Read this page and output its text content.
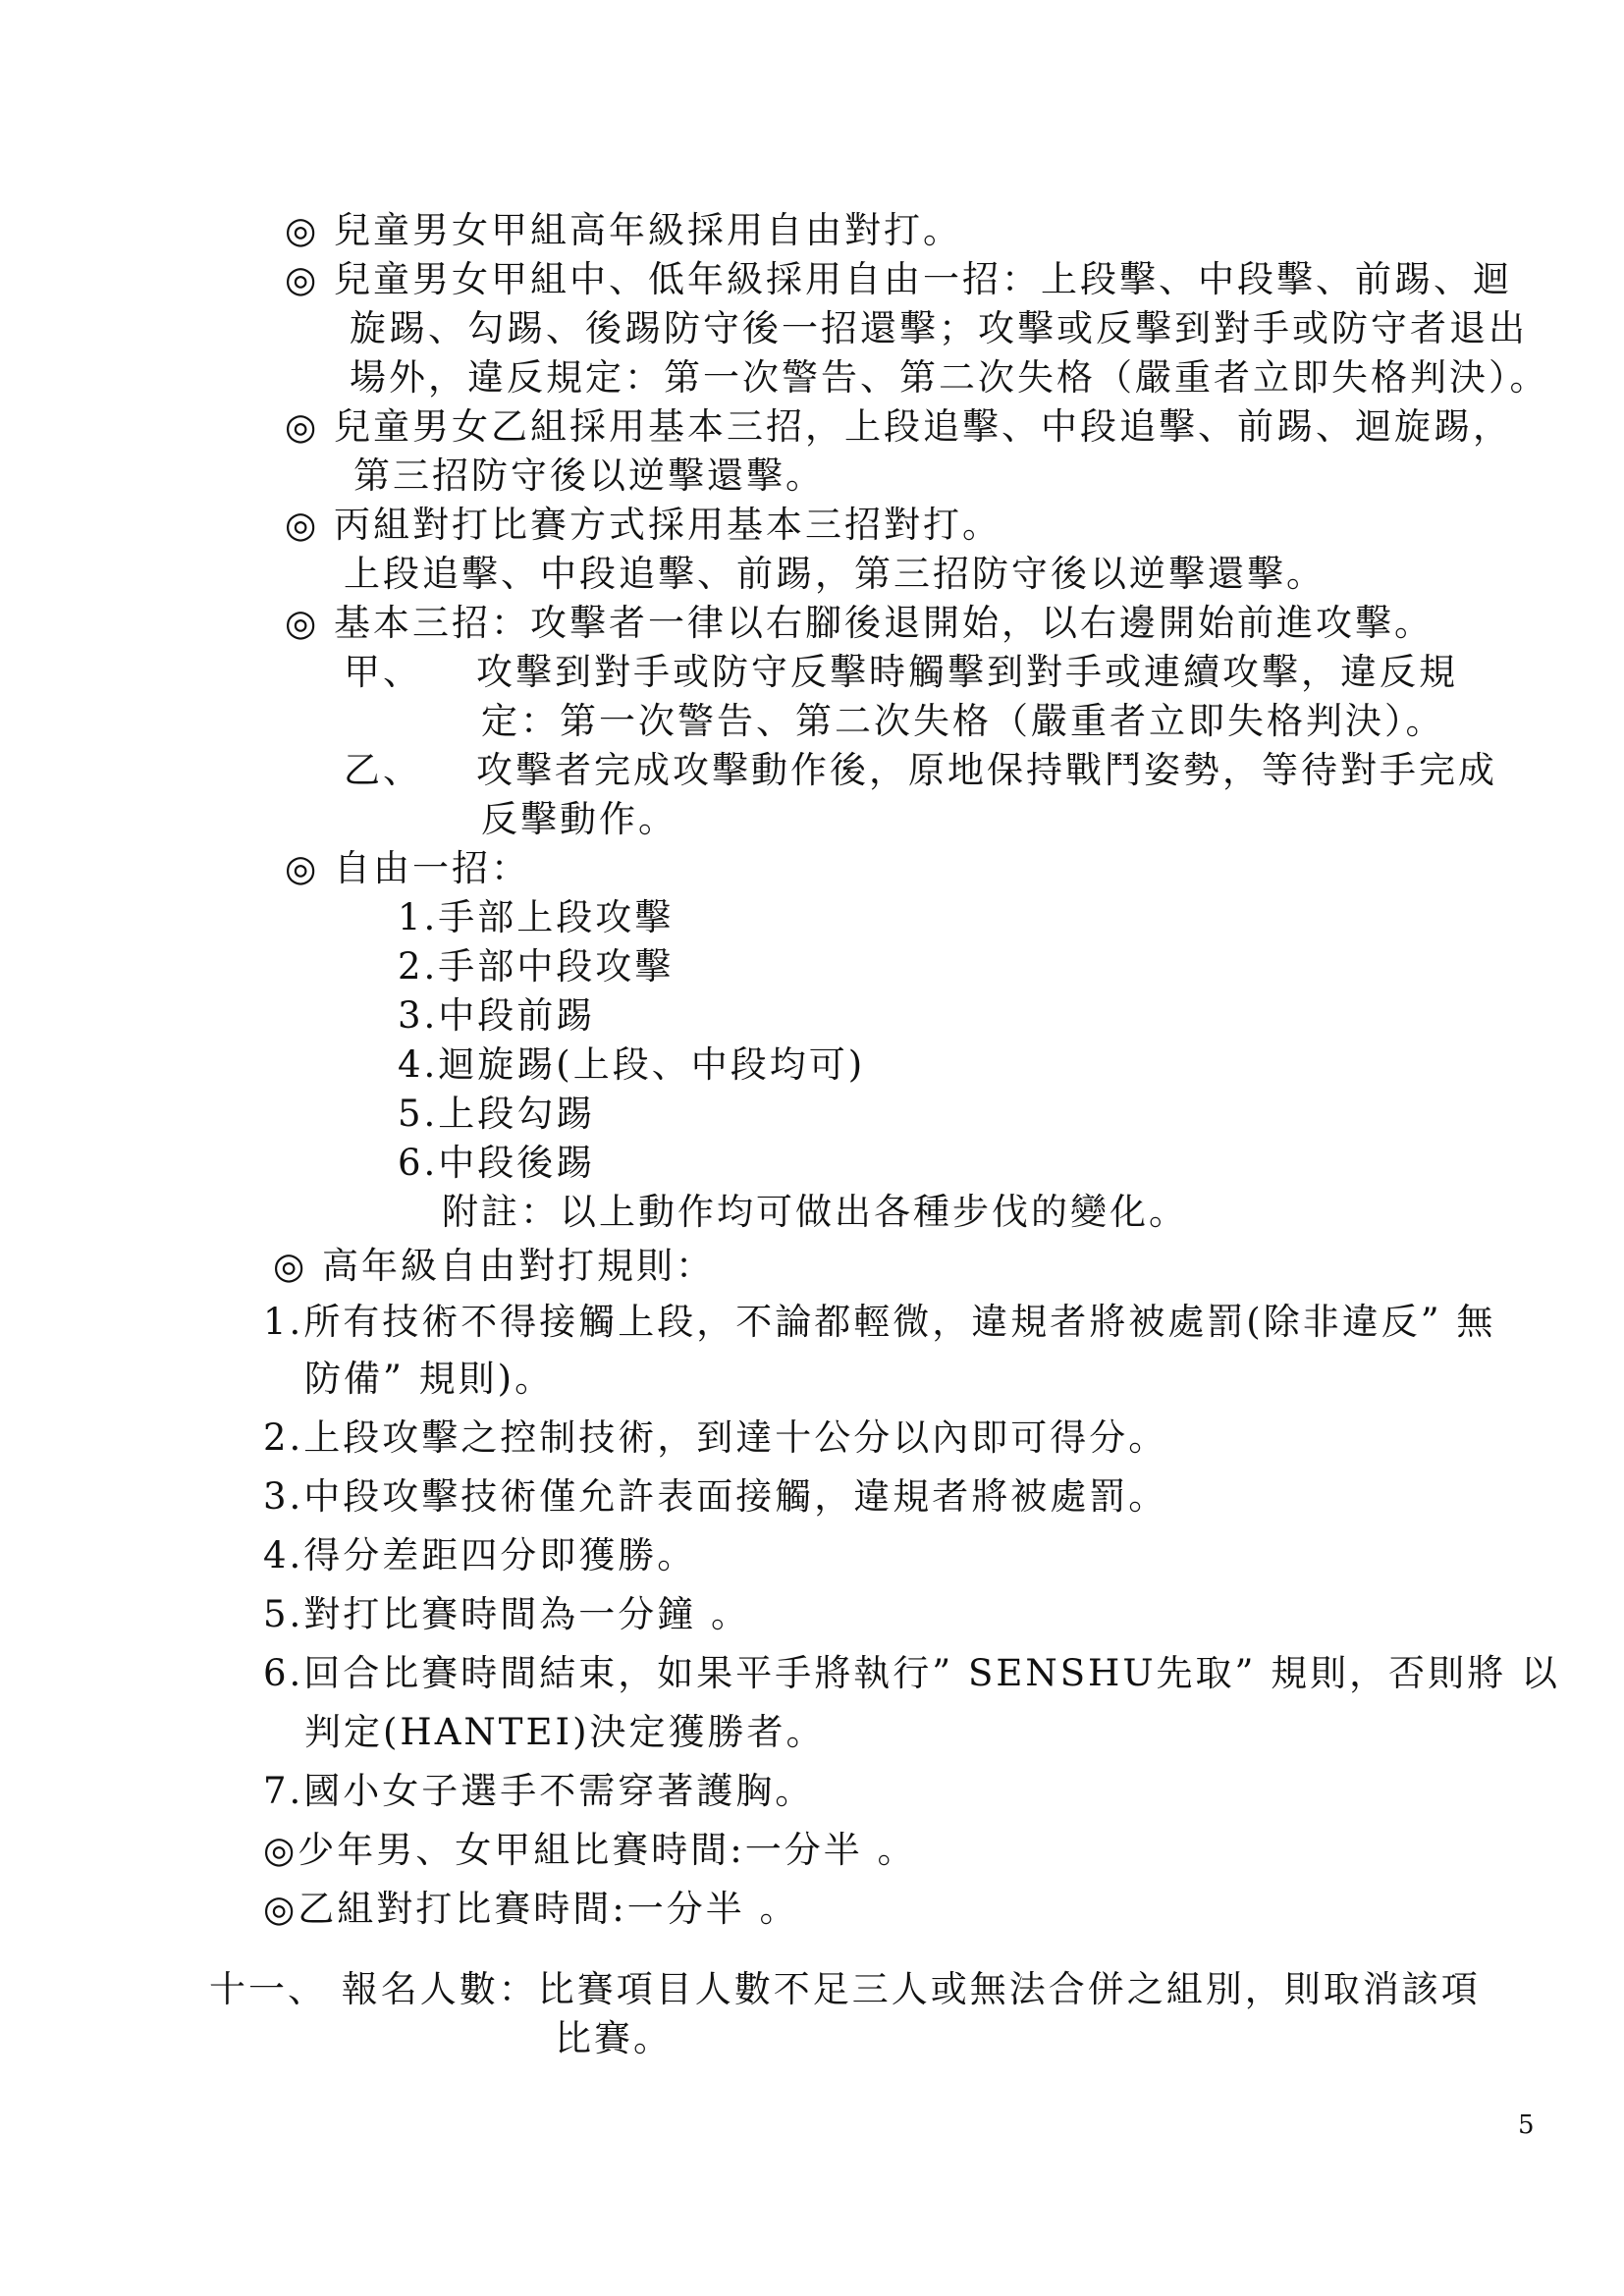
◎ 兒童男女甲組高年級採用自由對打。
◎ 兒童男女甲組中、低年級採用自由一招：上段擊、中段擊、前踢、迴
旋踢、勾踢、後踢防守後一招還擊；攻擊或反擊到對手或防守者退出
場外，違反規定：第一次警告、第二次失格（嚴重者立即失格判決）。
◎ 兒童男女乙組採用基本三招，上段追擊、中段追擊、前踢、迴旋踢，
第三招防守後以逆擊還擊。
◎ 丙組對打比賽方式採用基本三招對打。
上段追擊、中段追擊、前踢，第三招防守後以逆擊還擊。
◎ 基本三招：攻擊者一律以右腳後退開始，以右邊開始前進攻擊。
甲、 攻擊到對手或防守反擊時觸擊到對手或連續攻擊，違反規
定：第一次警告、第二次失格（嚴重者立即失格判決）。
乙、 攻擊者完成攻擊動作後，原地保持戰鬥姿勢，等待對手完成
反擊動作。
◎ 自由一招：
1.手部上段攻擊
2.手部中段攻擊
3.中段前踢
4.迴旋踢(上段、中段均可)
5.上段勾踢
6.中段後踢
附註：以上動作均可做出各種步伐的變化。
◎ 高年級自由對打規則：
1.所有技術不得接觸上段，不論都輕微，違規者將被處罰(除非違反” 無
防備” 規則)。
2.上段攻擊之控制技術，到達十公分以內即可得分。
3.中段攻擊技術僅允許表面接觸，違規者將被處罰。
4.得分差距四分即獲勝。
5.對打比賽時間為一分鐘 。
6.回合比賽時間結束，如果平手將執行” SENSHU先取” 規則，否則將 以
判定(HANTEI)決定獲勝者。
7.國小女子選手不需穿著護胸。
◎少年男、女甲組比賽時間:一分半 。
◎乙組對打比賽時間:一分半 。
十一、 報名人數：比賽項目人數不足三人或無法合併之組別，則取消該項
比賽。
5
